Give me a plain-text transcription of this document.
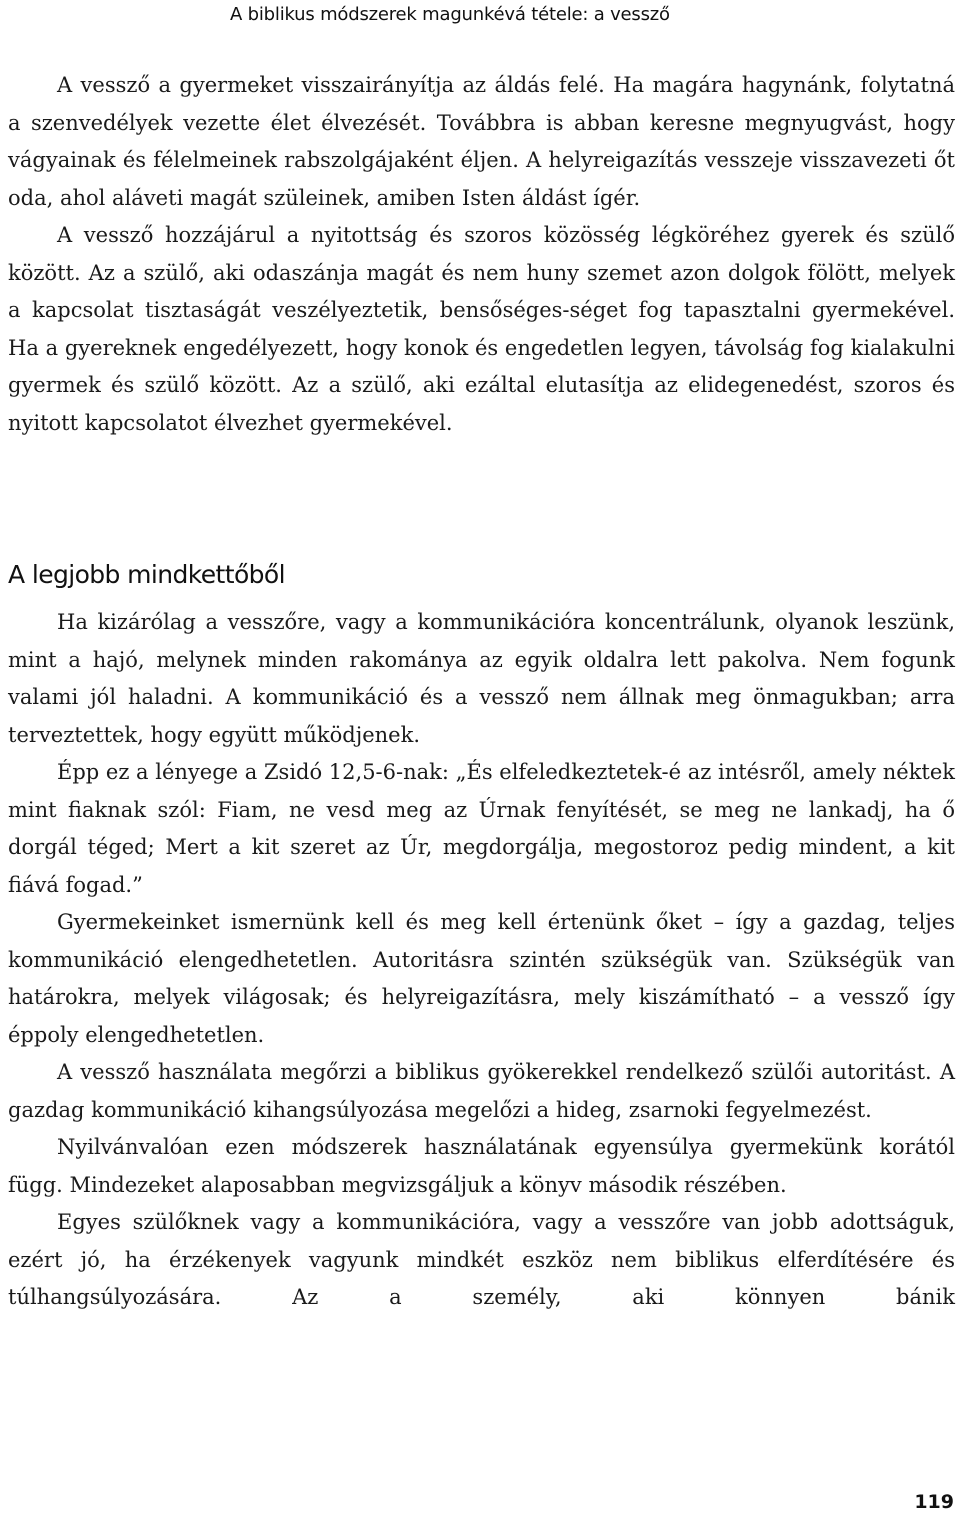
A biblikus módszerek magunkévá tétele: a vessző

A vessző a gyermeket visszairányítja az áldás felé. Ha magára hagynánk, folytatná a szenvedélyek vezette élet élvezését. Továbbra is abban keresne megnyugvást, hogy vágyainak és félelmeinek rabszolgájaként éljen. A helyreigazítás vesszeje visszavezeti őt oda, ahol aláveti magát szüleinek, amiben Isten áldást ígér.

A vessző hozzájárul a nyitottság és szoros közösség légköréhez gyerek és szülő között. Az a szülő, aki odaszánja magát és nem huny szemet azon dolgok fölött, melyek a kapcsolat tisztaságát veszélyeztetik, bensőséges-séget fog tapasztalni gyermekével. Ha a gyereknek engedélyezett, hogy konok és engedetlen legyen, távolság fog kialakulni gyermek és szülő között. Az a szülő, aki ezáltal elutasítja az elidegenedést, szoros és nyitott kapcsolatot élvezhet gyermekével.

A legjobb mindkettőből

Ha kizárólag a vesszőre, vagy a kommunikációra koncentrálunk, olyanok leszünk, mint a hajó, melynek minden rakománya az egyik oldalra lett pakolva. Nem fogunk valami jól haladni. A kommunikáció és a vessző nem állnak meg önmagukban; arra terveztettek, hogy együtt működjenek.

Épp ez a lényege a Zsidó 12,5-6-nak: „És elfeledkeztetek-é az intésről, amely néktek mint fiaknak szól: Fiam, ne vesd meg az Úrnak fenyítését, se meg ne lankadj, ha ő dorgál téged; Mert a kit szeret az Úr, megdorgálja, megostoroz pedig mindent, a kit fiává fogad.”

Gyermekeinket ismernünk kell és meg kell értenünk őket – így a gazdag, teljes kommunikáció elengedhetetlen. Autoritásra szintén szükségük van. Szükségük van határokra, melyek világosak; és helyreigazításra, mely kiszámítható – a vessző így éppoly elengedhetetlen.

A vessző használata megőrzi a biblikus gyökerekkel rendelkező szülői autoritást. A gazdag kommunikáció kihangsúlyozása megelőzi a hideg, zsarnoki fegyelmezést.

Nyilvánvalóan ezen módszerek használatának egyensúlya gyermekünk korától függ. Mindezeket alaposabban megvizsgáljuk a könyv második részében.

Egyes szülőknek vagy a kommunikációra, vagy a vesszőre van jobb adottságuk, ezért jó, ha érzékenyek vagyunk mindkét eszköz nem biblikus elferdítésére és túlhangsúlyozására. Az a személy, aki könnyen bánik

119
